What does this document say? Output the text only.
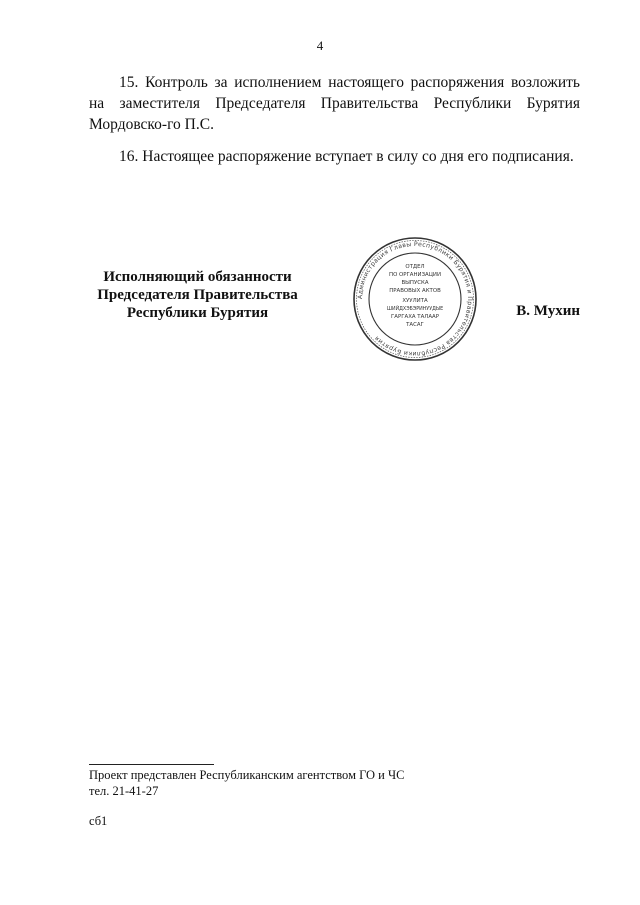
4

15. Контроль за исполнением настоящего распоряжения возложить на заместителя Председателя Правительства Республики Бурятия Мордовско-го П.С.

16. Настоящее распоряжение вступает в силу со дня его подписания.

Исполняющий обязанности
Председателя Правительства
Республики Бурятия
Администрация Главы Республики Бурятия и Правительства Республики Бурятия
ОТДЕЛ
ПО ОРГАНИЗАЦИИ
ВЫПУСКА
ПРАВОВЫХ АКТОВ
ХУУЛИТА
ШИЙДХЭБЭРИНУУДЫЕ
ГАРГАХА ТАЛААР
ТАСАГ
В. Мухин
Проект представлен Республиканским агентством ГО и ЧС
тел. 21-41-27
сб1
